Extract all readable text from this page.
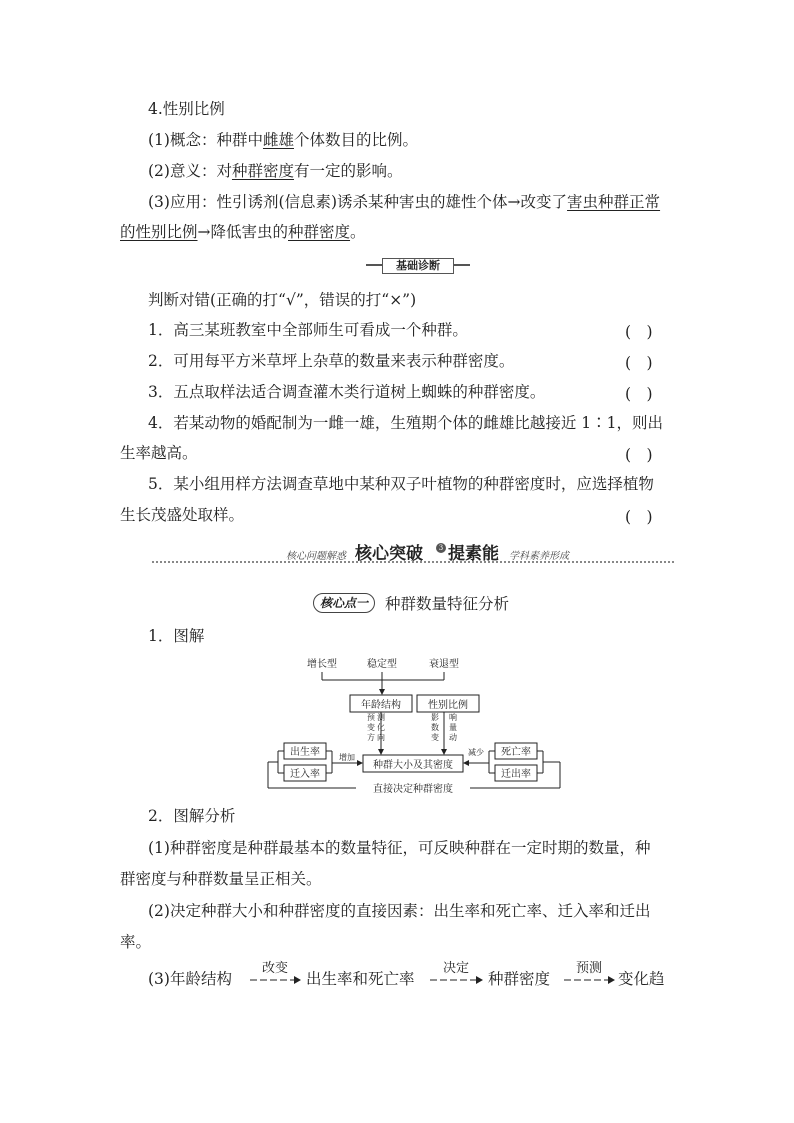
4.性别比例
(1)概念：种群中雌雄个体数目的比例。
(2)意义：对种群密度有一定的影响。
(3)应用：性引诱剂(信息素)诱杀某种害虫的雄性个体→改变了害虫种群正常
的性别比例→降低害虫的种群密度。
基础诊断
判断对错(正确的打“√”，错误的打“×”)
1．高三某班教室中全部师生可看成一个种群。	(　)
2．可用每平方米草坪上杂草的数量来表示种群密度。	(　)
3．五点取样法适合调查灌木类行道树上蜘蛛的种群密度。	(　)
4．若某动物的婚配制为一雌一雄，生殖期个体的雌雄比越接近 1∶1，则出
生率越高。	(　)
5．某小组用样方法调查草地中某种双子叶植物的种群密度时，应选择植物
生长茂盛处取样。	(　)
核心问题解惑 核心突破	3 提素能 学科素养形成
核心点一 种群数量特征分析
1．图解
增长型	稳定型	衰退型
年龄结构	性别比例
种群大小及其密度
出生率
迁入率
死亡率
迁出率
直接决定种群密度
增加
减少
预 测
变 化
方 向
影
数
变
响
量
动
2．图解分析
(1)种群密度是种群最基本的数量特征，可反映种群在一定时期的数量，种
群密度与种群数量呈正相关。
(2)决定种群大小和种群密度的直接因素：出生率和死亡率、迁入率和迁出
率。
(3)年龄结构
改变
出生率和死亡率
决定
种群密度
预测
变化趋
